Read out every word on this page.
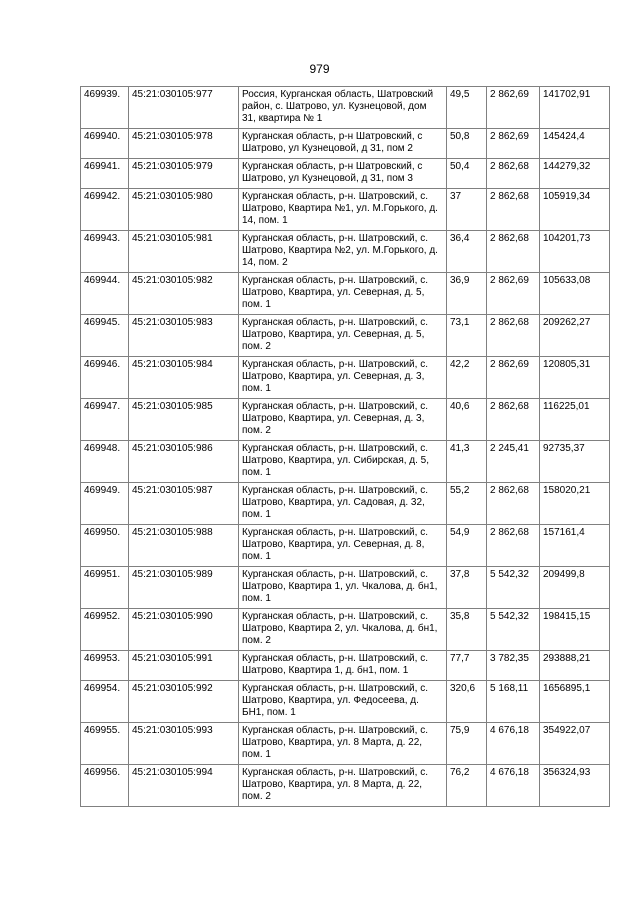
979
469939.	45:21:030105:977	Россия, Курганская область, Шатровский район, с. Шатрово, ул. Кузнецовой, дом 31, квартира № 1	49,5	2 862,69	141702,91
469940.	45:21:030105:978	Курганская область, р-н Шатровский, с Шатрово, ул Кузнецовой, д 31, пом 2	50,8	2 862,69	145424,4
469941.	45:21:030105:979	Курганская область, р-н Шатровский, с Шатрово, ул Кузнецовой, д 31, пом 3	50,4	2 862,68	144279,32
469942.	45:21:030105:980	Курганская область, р-н. Шатровский, с. Шатрово, Квартира №1, ул. М.Горького, д. 14, пом. 1	37	2 862,68	105919,34
469943.	45:21:030105:981	Курганская область, р-н. Шатровский, с. Шатрово, Квартира №2, ул. М.Горького, д. 14, пом. 2	36,4	2 862,68	104201,73
469944.	45:21:030105:982	Курганская область, р-н. Шатровский, с. Шатрово, Квартира, ул. Северная, д. 5, пом. 1	36,9	2 862,69	105633,08
469945.	45:21:030105:983	Курганская область, р-н. Шатровский, с. Шатрово, Квартира, ул. Северная, д. 5, пом. 2	73,1	2 862,68	209262,27
469946.	45:21:030105:984	Курганская область, р-н. Шатровский, с. Шатрово, Квартира, ул. Северная, д. 3, пом. 1	42,2	2 862,69	120805,31
469947.	45:21:030105:985	Курганская область, р-н. Шатровский, с. Шатрово, Квартира, ул. Северная, д. 3, пом. 2	40,6	2 862,68	116225,01
469948.	45:21:030105:986	Курганская область, р-н. Шатровский, с. Шатрово, Квартира, ул. Сибирская, д. 5, пом. 1	41,3	2 245,41	92735,37
469949.	45:21:030105:987	Курганская область, р-н. Шатровский, с. Шатрово, Квартира, ул. Садовая, д. 32, пом. 1	55,2	2 862,68	158020,21
469950.	45:21:030105:988	Курганская область, р-н. Шатровский, с. Шатрово, Квартира, ул. Северная, д. 8, пом. 1	54,9	2 862,68	157161,4
469951.	45:21:030105:989	Курганская область, р-н. Шатровский, с. Шатрово, Квартира 1, ул. Чкалова, д. бн1, пом. 1	37,8	5 542,32	209499,8
469952.	45:21:030105:990	Курганская область, р-н. Шатровский, с. Шатрово, Квартира 2, ул. Чкалова, д. бн1, пом. 2	35,8	5 542,32	198415,15
469953.	45:21:030105:991	Курганская область, р-н. Шатровский, с. Шатрово, Квартира 1, д. бн1, пом. 1	77,7	3 782,35	293888,21
469954.	45:21:030105:992	Курганская область, р-н. Шатровский, с. Шатрово, Квартира, ул. Федосеева, д. БН1, пом. 1	320,6	5 168,11	1656895,1
469955.	45:21:030105:993	Курганская область, р-н. Шатровский, с. Шатрово, Квартира, ул. 8 Марта, д. 22, пом. 1	75,9	4 676,18	354922,07
469956.	45:21:030105:994	Курганская область, р-н. Шатровский, с. Шатрово, Квартира, ул. 8 Марта, д. 22, пом. 2	76,2	4 676,18	356324,93
